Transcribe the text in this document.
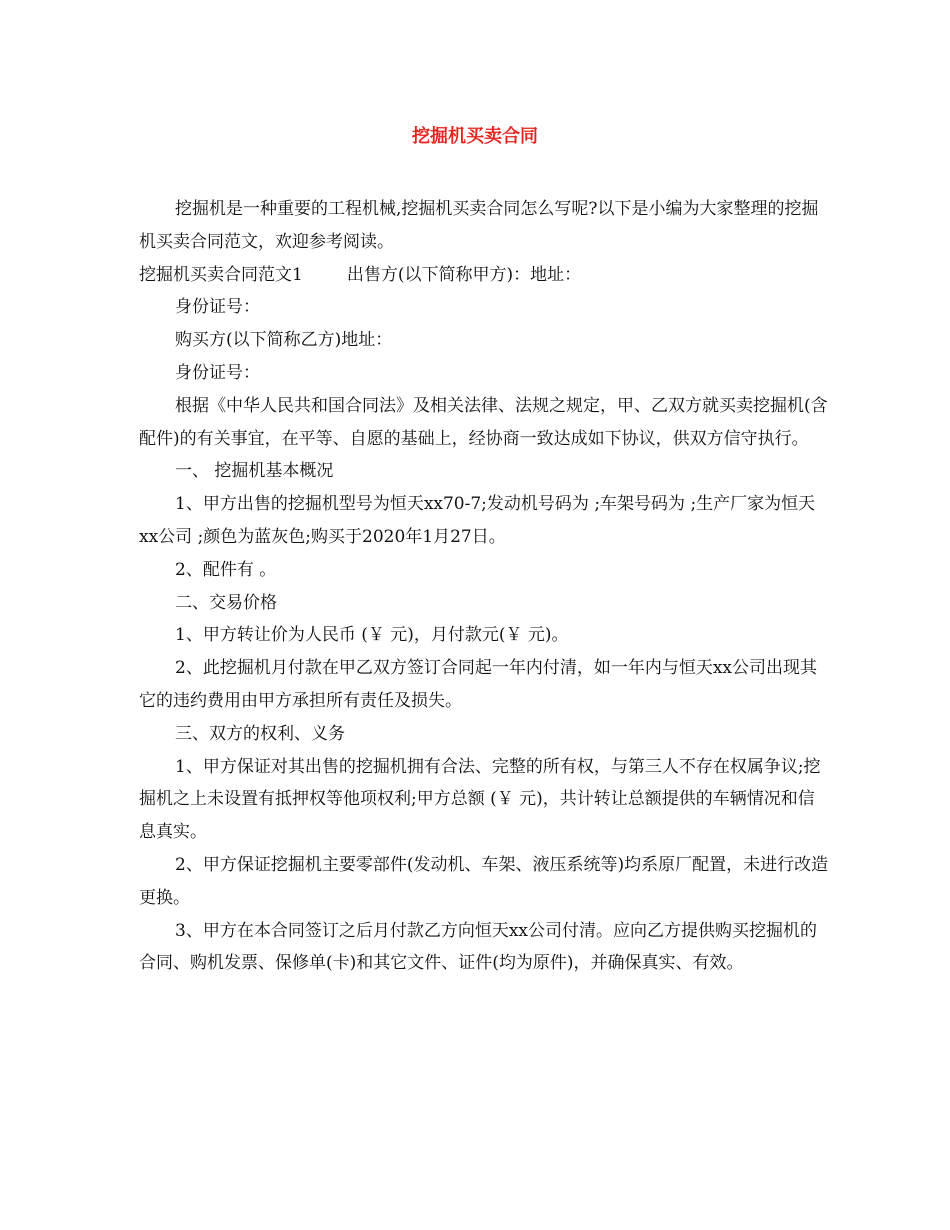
挖掘机买卖合同

挖掘机是一种重要的工程机械,挖掘机买卖合同怎么写呢?以下是小编为大家整理的挖掘机买卖合同范文，欢迎参考阅读。

挖掘机买卖合同范文1	出售方(以下简称甲方)：地址：

身份证号：

购买方(以下简称乙方)地址：

身份证号：

根据《中华人民共和国合同法》及相关法律、法规之规定，甲、乙双方就买卖挖掘机(含配件)的有关事宜，在平等、自愿的基础上，经协商一致达成如下协议，供双方信守执行。

一、 挖掘机基本概况

1、甲方出售的挖掘机型号为恒天xx70-7;发动机号码为 ;车架号码为 ;生产厂家为恒天xx公司 ;颜色为蓝灰色;购买于2020年1月27日。

2、配件有 。

二、交易价格

1、甲方转让价为人民币 (￥ 元)，月付款元(￥ 元)。

2、此挖掘机月付款在甲乙双方签订合同起一年内付清，如一年内与恒天xx公司出现其它的违约费用由甲方承担所有责任及损失。

三、双方的权利、义务

1、甲方保证对其出售的挖掘机拥有合法、完整的所有权，与第三人不存在权属争议;挖掘机之上未设置有抵押权等他项权利;甲方总额 (￥ 元)，共计转让总额提供的车辆情况和信息真实。

2、甲方保证挖掘机主要零部件(发动机、车架、液压系统等)均系原厂配置，未进行改造更换。

3、甲方在本合同签订之后月付款乙方向恒天xx公司付清。应向乙方提供购买挖掘机的合同、购机发票、保修单(卡)和其它文件、证件(均为原件)，并确保真实、有效。
